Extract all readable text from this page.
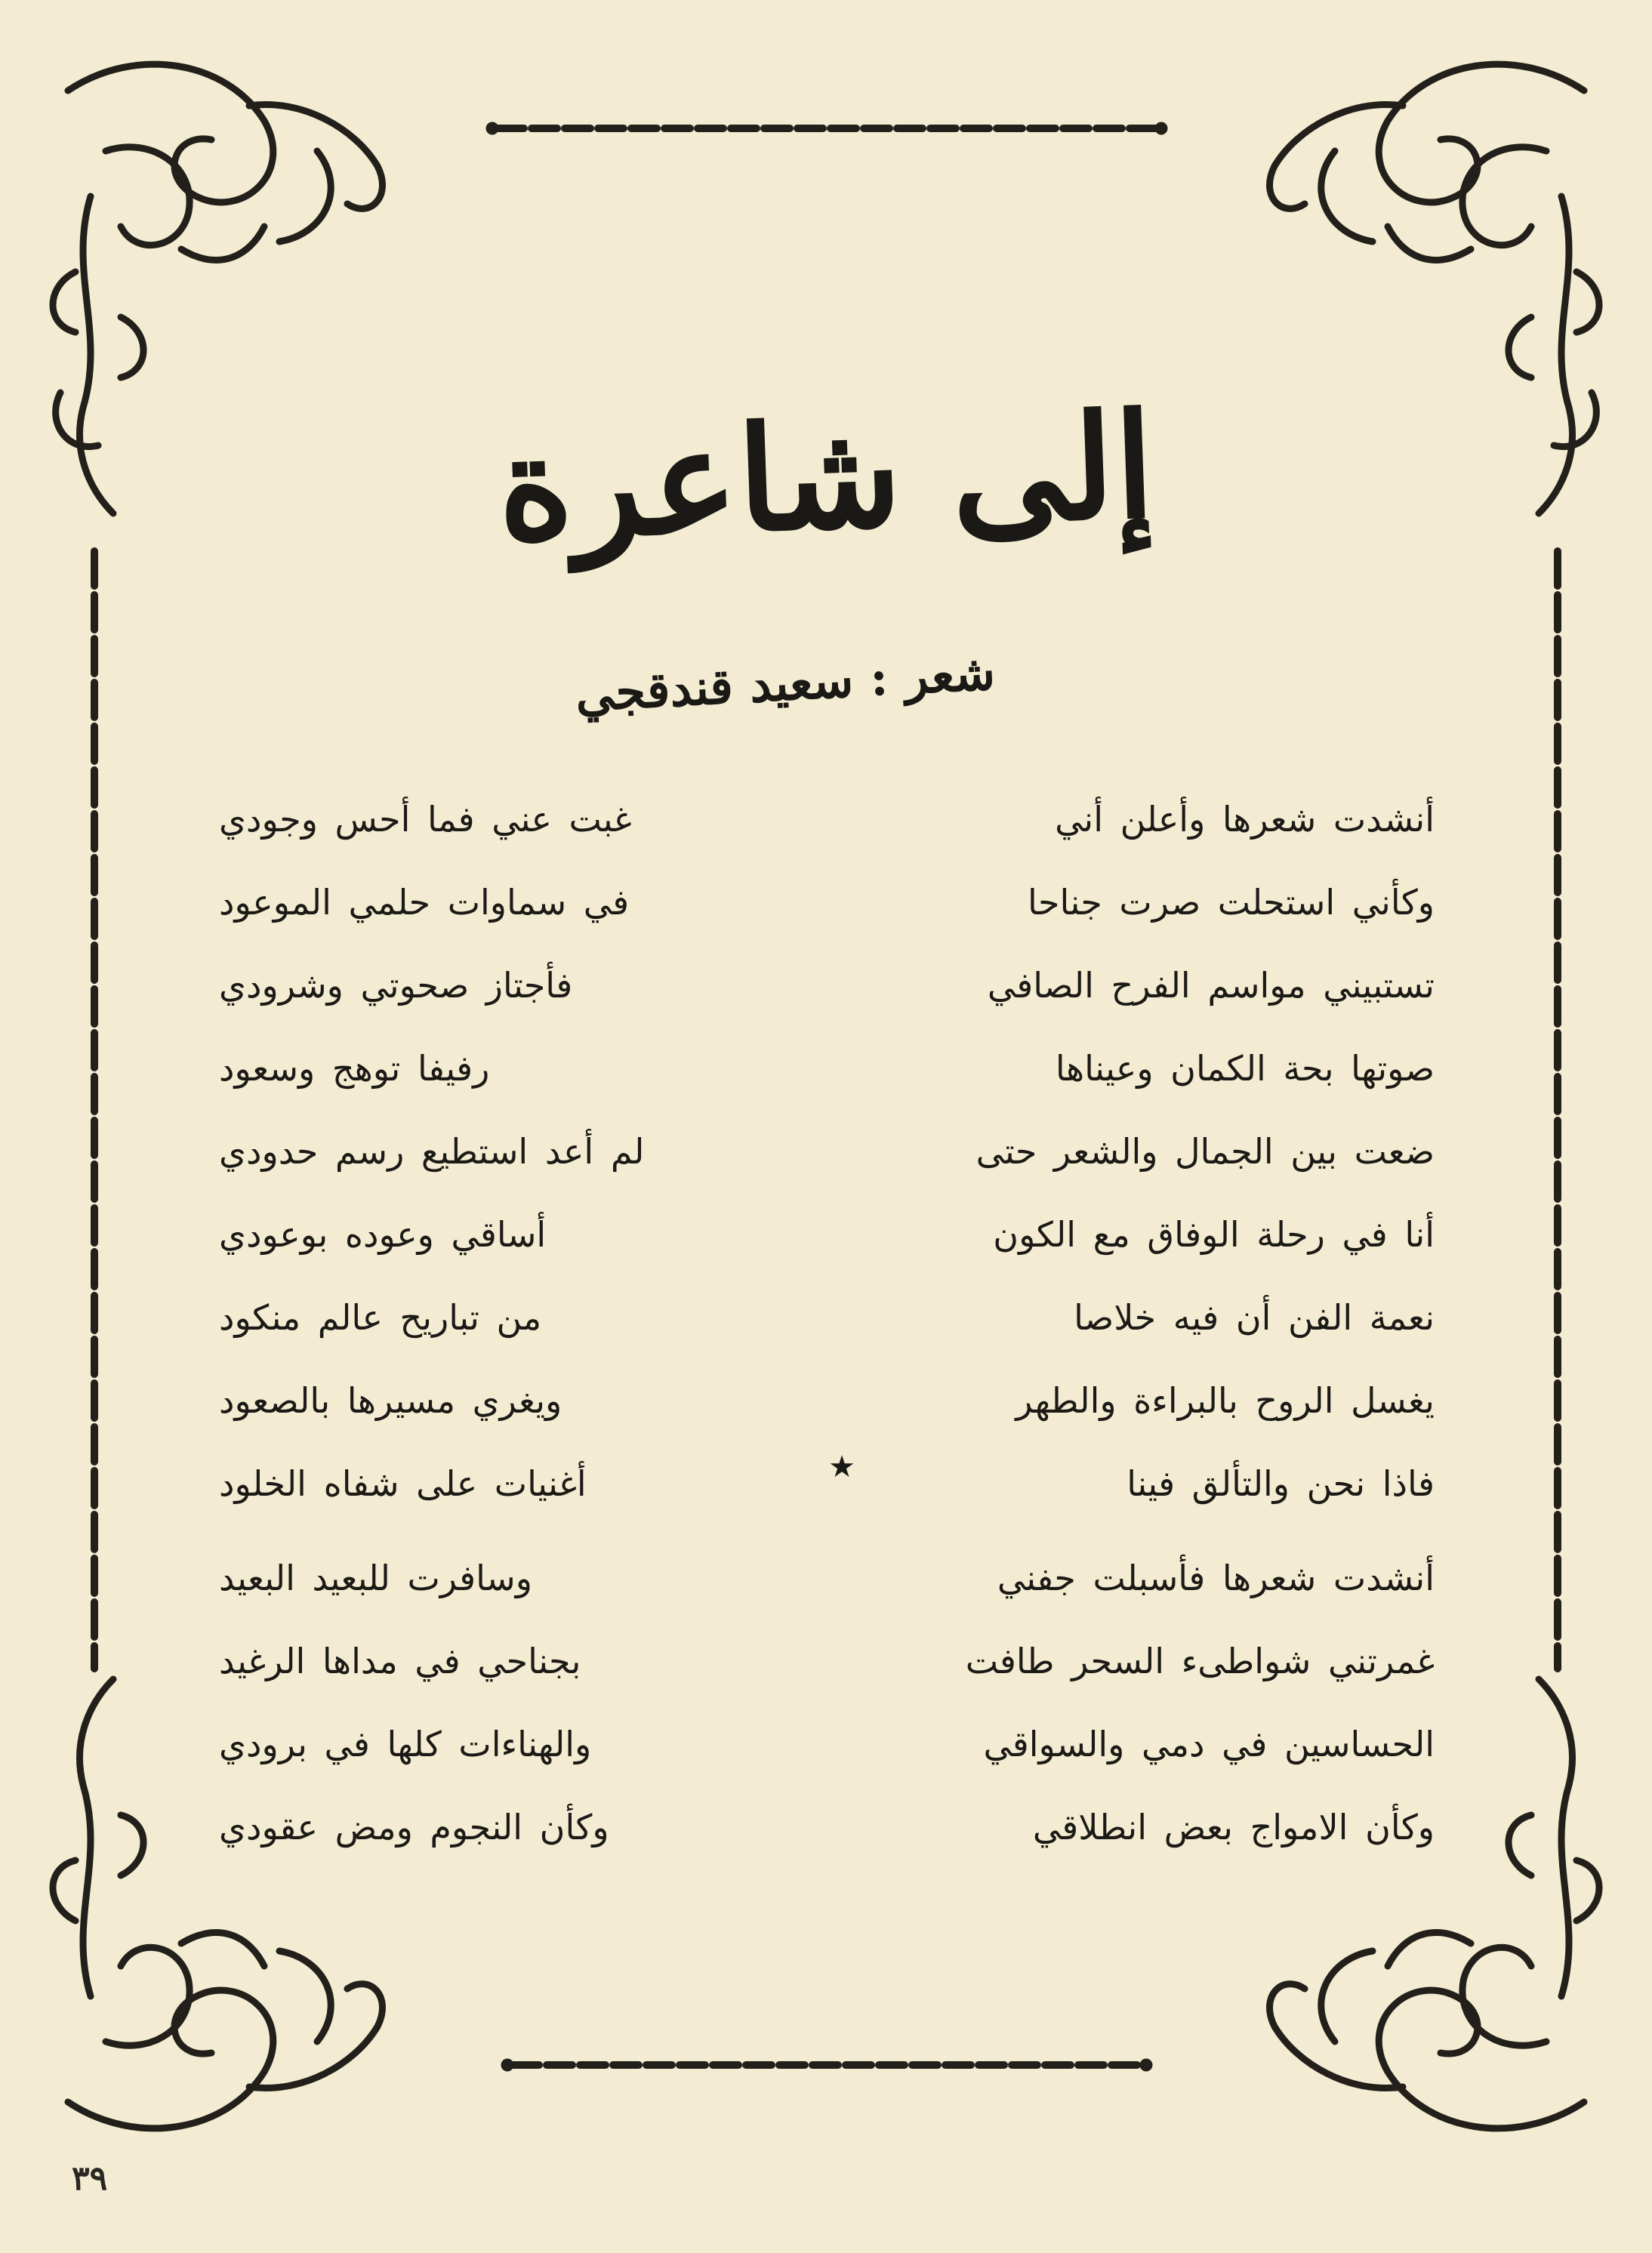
إلى شاعرة
شعر : سعيد قندقجي
أنشدت شعرها وأعلن أني
غبت عني فما أحس وجودي
وكأني استحلت صرت جناحا
في سماوات حلمي الموعود
تستبيني مواسم الفرح الصافي
فأجتاز صحوتي وشرودي
صوتها بحة الكمان وعيناها
رفيفا توهج وسعود
ضعت بين الجمال والشعر حتى
لم أعد استطيع رسم حدودي
أنا في رحلة الوفاق مع الكون
أساقي وعوده بوعودي
نعمة الفن أن فيه خلاصا
من تباريح عالم منكود
يغسل الروح بالبراءة والطهر
ويغري مسيرها بالصعود
فاذا نحن والتألق فينا
أغنيات على شفاه الخلود
أنشدت شعرها فأسبلت جفني
وسافرت للبعيد البعيد
غمرتني شواطىء السحر طافت
بجناحي في مداها الرغيد
الحساسين في دمي والسواقي
والهناءات كلها في برودي
وكأن الامواج بعض انطلاقي
وكأن النجوم ومض عقودي
★
٣٩
